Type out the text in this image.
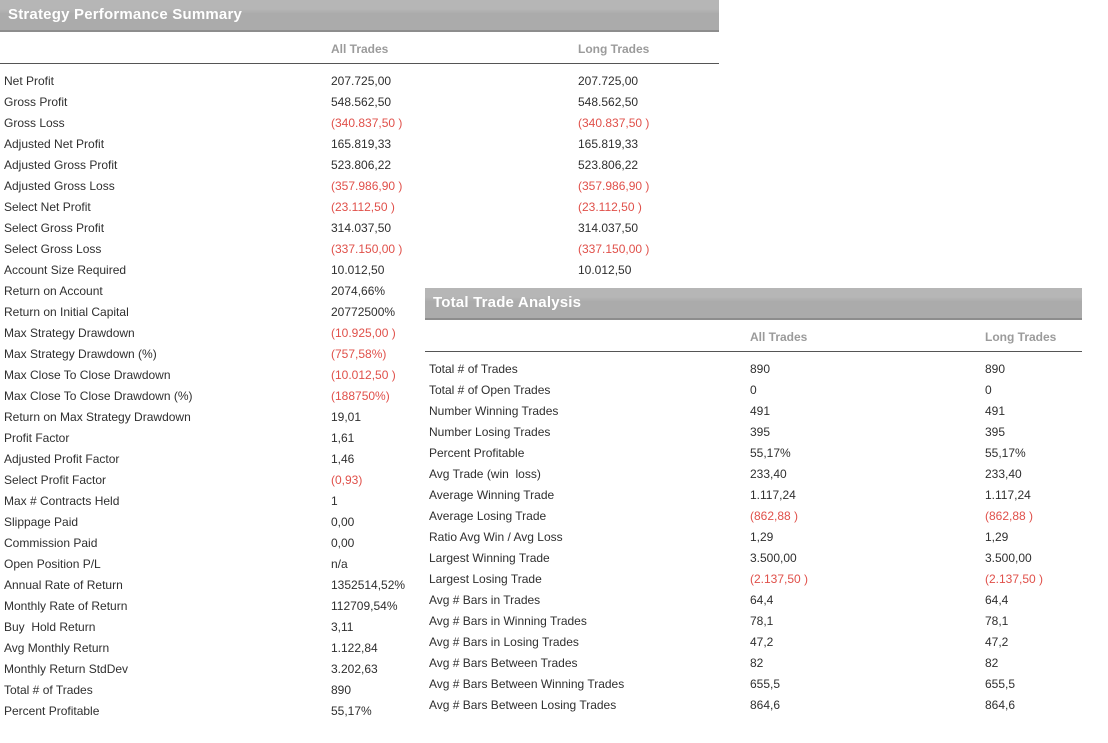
Strategy Performance Summary
All Trades	Long Trades
Net Profit	207.725,00	207.725,00
Gross Profit	548.562,50	548.562,50
Gross Loss	(340.837,50 )	(340.837,50 )
Adjusted Net Profit	165.819,33	165.819,33
Adjusted Gross Profit	523.806,22	523.806,22
Adjusted Gross Loss	(357.986,90 )	(357.986,90 )
Select Net Profit	(23.112,50 )	(23.112,50 )
Select Gross Profit	314.037,50	314.037,50
Select Gross Loss	(337.150,00 )	(337.150,00 )
Account Size Required	10.012,50	10.012,50
Return on Account	2074,66%
Return on Initial Capital	20772500%
Max Strategy Drawdown	(10.925,00 )
Max Strategy Drawdown (%)	(757,58%)
Max Close To Close Drawdown	(10.012,50 )
Max Close To Close Drawdown (%)	(188750%)
Return on Max Strategy Drawdown	19,01
Profit Factor	1,61
Adjusted Profit Factor	1,46
Select Profit Factor	(0,93)
Max # Contracts Held	1
Slippage Paid	0,00
Commission Paid	0,00
Open Position P/L	n/a
Annual Rate of Return	1352514,52%
Monthly Rate of Return	112709,54%
Buy  Hold Return	3,11
Avg Monthly Return	1.122,84
Monthly Return StdDev	3.202,63
Total # of Trades	890
Percent Profitable	55,17%
Total Trade Analysis
All Trades	Long Trades
Total # of Trades	890	890
Total # of Open Trades	0	0
Number Winning Trades	491	491
Number Losing Trades	395	395
Percent Profitable	55,17%	55,17%
Avg Trade (win  loss)	233,40	233,40
Average Winning Trade	1.117,24	1.117,24
Average Losing Trade	(862,88 )	(862,88 )
Ratio Avg Win / Avg Loss	1,29	1,29
Largest Winning Trade	3.500,00	3.500,00
Largest Losing Trade	(2.137,50 )	(2.137,50 )
Avg # Bars in Trades	64,4	64,4
Avg # Bars in Winning Trades	78,1	78,1
Avg # Bars in Losing Trades	47,2	47,2
Avg # Bars Between Trades	82	82
Avg # Bars Between Winning Trades	655,5	655,5
Avg # Bars Between Losing Trades	864,6	864,6
